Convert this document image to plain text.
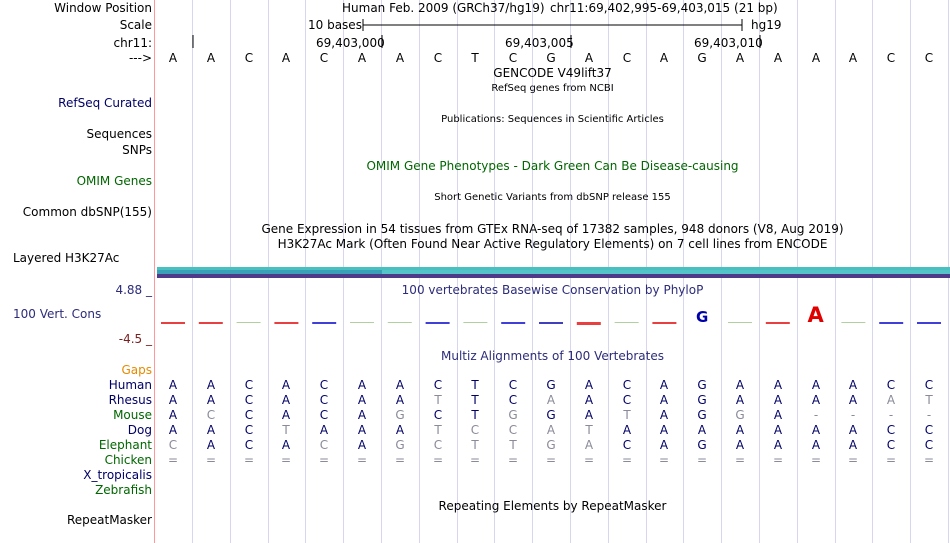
Window Position	Human Feb. 2009 (GRCh37/hg19) chr11:69,402,995-69,403,015 (21 bp)
Scale	10 bases	hg19
chr11:	69,403,000	69,403,005	69,403,010
--->	A	A	C	A	C	A	A	C	T	C	G	A	C	A	G	A	A	A	A	C	C
GENCODE V49lift37
RefSeq genes from NCBI
RefSeq Curated
Publications: Sequences in Scientific Articles
Sequences
SNPs
OMIM Gene Phenotypes - Dark Green Can Be Disease-causing
OMIM Genes
Short Genetic Variants from dbSNP release 155
Common dbSNP(155)
Gene Expression in 54 tissues from GTEx RNA-seq of 17382 samples, 948 donors (V8, Aug 2019)
H3K27Ac Mark (Often Found Near Active Regulatory Elements) on 7 cell lines from ENCODE
Layered H3K27Ac
100 vertebrates Basewise Conservation by PhyloP
4.88 _
100 Vert. Cons
-4.5 _
G	A
Multiz Alignments of 100 Vertebrates
Gaps
Human	A	A	C	A	C	A	A	C	T	C	G	A	C	A	G	A	A	A	A	C	C
Rhesus	A	A	C	A	C	A	A	T	T	C	A	A	C	A	G	A	A	A	A	A	T
Mouse	A	C	C	A	C	A	G	C	T	G	G	A	T	A	G	G	A	-	-	-	-
Dog	A	A	C	T	A	A	A	T	C	C	A	T	A	A	A	A	A	A	A	C	C
Elephant	C	A	C	A	C	A	G	C	T	T	G	A	C	A	G	A	A	A	A	C	C
Chicken	=	=	=	=	=	=	=	=	=	=	=	=	=	=	=	=	=	=	=	=	=
X_tropicalis
Zebrafish
Repeating Elements by RepeatMasker
RepeatMasker
